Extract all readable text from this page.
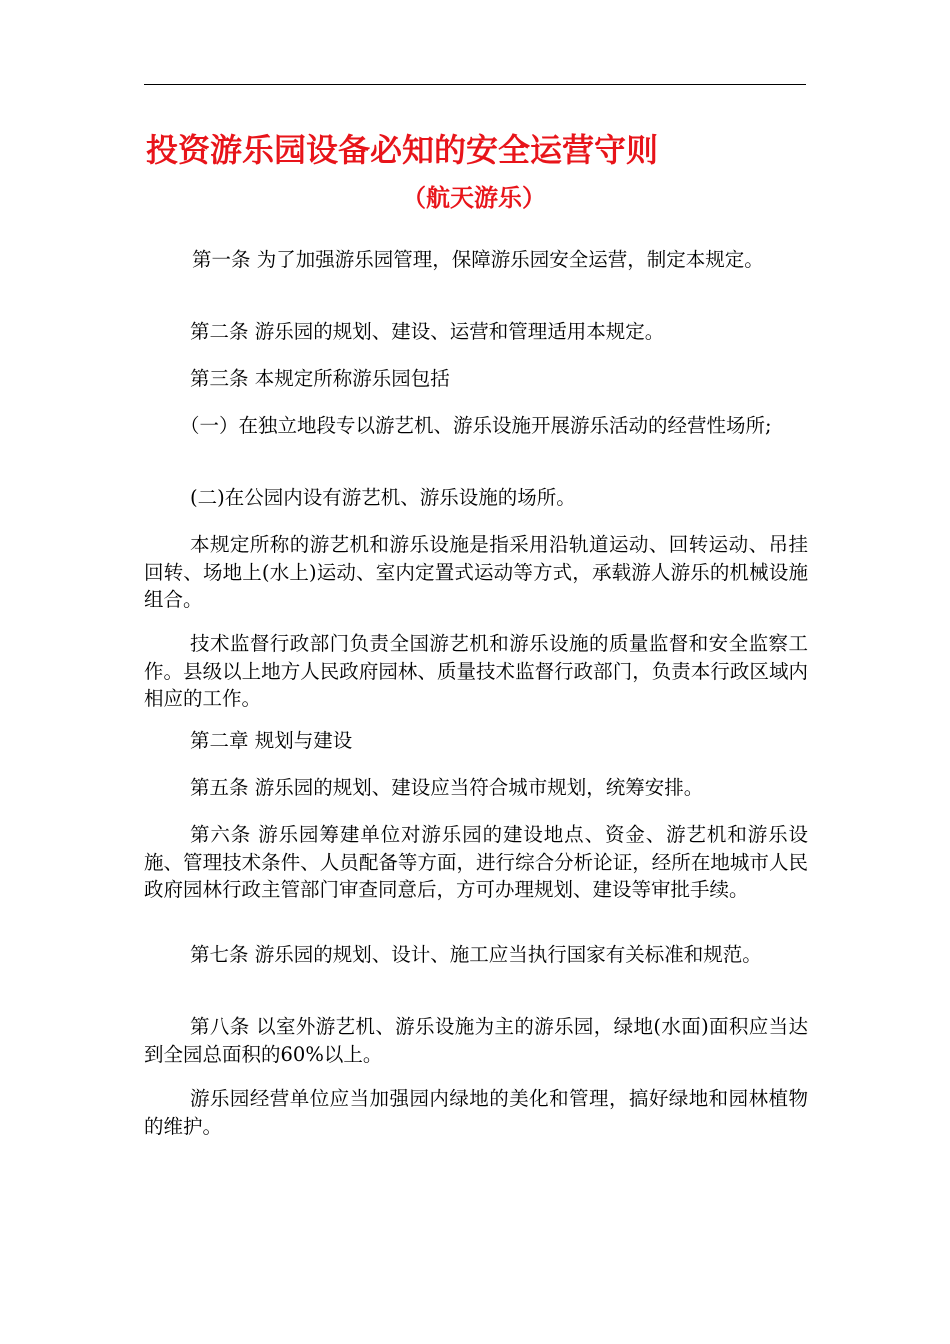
投资游乐园设备必知的安全运营守则
（航天游乐）

第一条 为了加强游乐园管理，保障游乐园安全运营，制定本规定。

第二条 游乐园的规划、建设、运营和管理适用本规定。

第三条 本规定所称游乐园包括

（一）在独立地段专以游艺机、游乐设施开展游乐活动的经营性场所;

(二)在公园内设有游艺机、游乐设施的场所。

本规定所称的游艺机和游乐设施是指采用沿轨道运动、回转运动、吊挂回转、场地上(水上)运动、室内定置式运动等方式，承载游人游乐的机械设施组合。

技术监督行政部门负责全国游艺机和游乐设施的质量监督和安全监察工作。县级以上地方人民政府园林、质量技术监督行政部门，负责本行政区域内相应的工作。

第二章 规划与建设

第五条 游乐园的规划、建设应当符合城市规划，统筹安排。

第六条 游乐园筹建单位对游乐园的建设地点、资金、游艺机和游乐设施、管理技术条件、人员配备等方面，进行综合分析论证，经所在地城市人民政府园林行政主管部门审查同意后，方可办理规划、建设等审批手续。

第七条 游乐园的规划、设计、施工应当执行国家有关标准和规范。

第八条 以室外游艺机、游乐设施为主的游乐园，绿地(水面)面积应当达到全园总面积的60%以上。

游乐园经营单位应当加强园内绿地的美化和管理，搞好绿地和园林植物的维护。
